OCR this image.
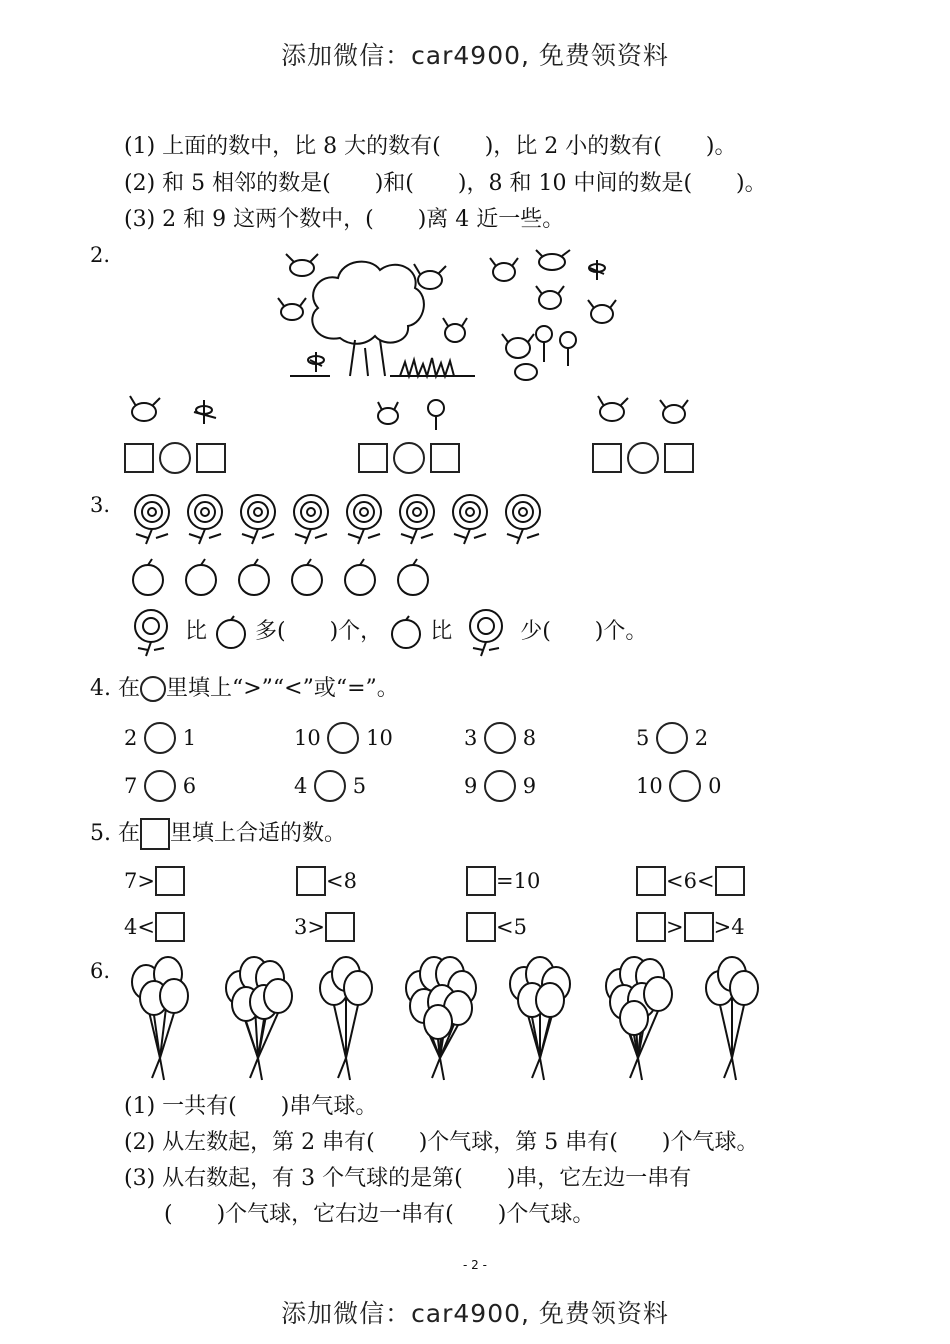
添加微信：car4900, 免费领资料
(1) 上面的数中，比 8 大的数有(　　)，比 2 小的数有(　　)。
(2) 和 5 相邻的数是(　　)和(　　)，8 和 10 中间的数是(　　)。
(3) 2 和 9 这两个数中，(　　)离 4 近一些。
2.

3.
比 多(　　)个， 比	少(　　)个。
4. 在 里填上“>”“<”或“=”。
2 1	10 10	3 8	5 2
7 6	4 5	9 9	10 0
5. 在 里填上合适的数。
7>	<8	=10	<6<
4<	3>	<5	> >4
6.
(1) 一共有(　　)串气球。
(2) 从左数起，第 2 串有(　　)个气球，第 5 串有(　　)个气球。
(3) 从右数起，有 3 个气球的是第(　　)串，它左边一串有
(　　)个气球，它右边一串有(　　)个气球。
- 2 -
添加微信：car4900, 免费领资料
